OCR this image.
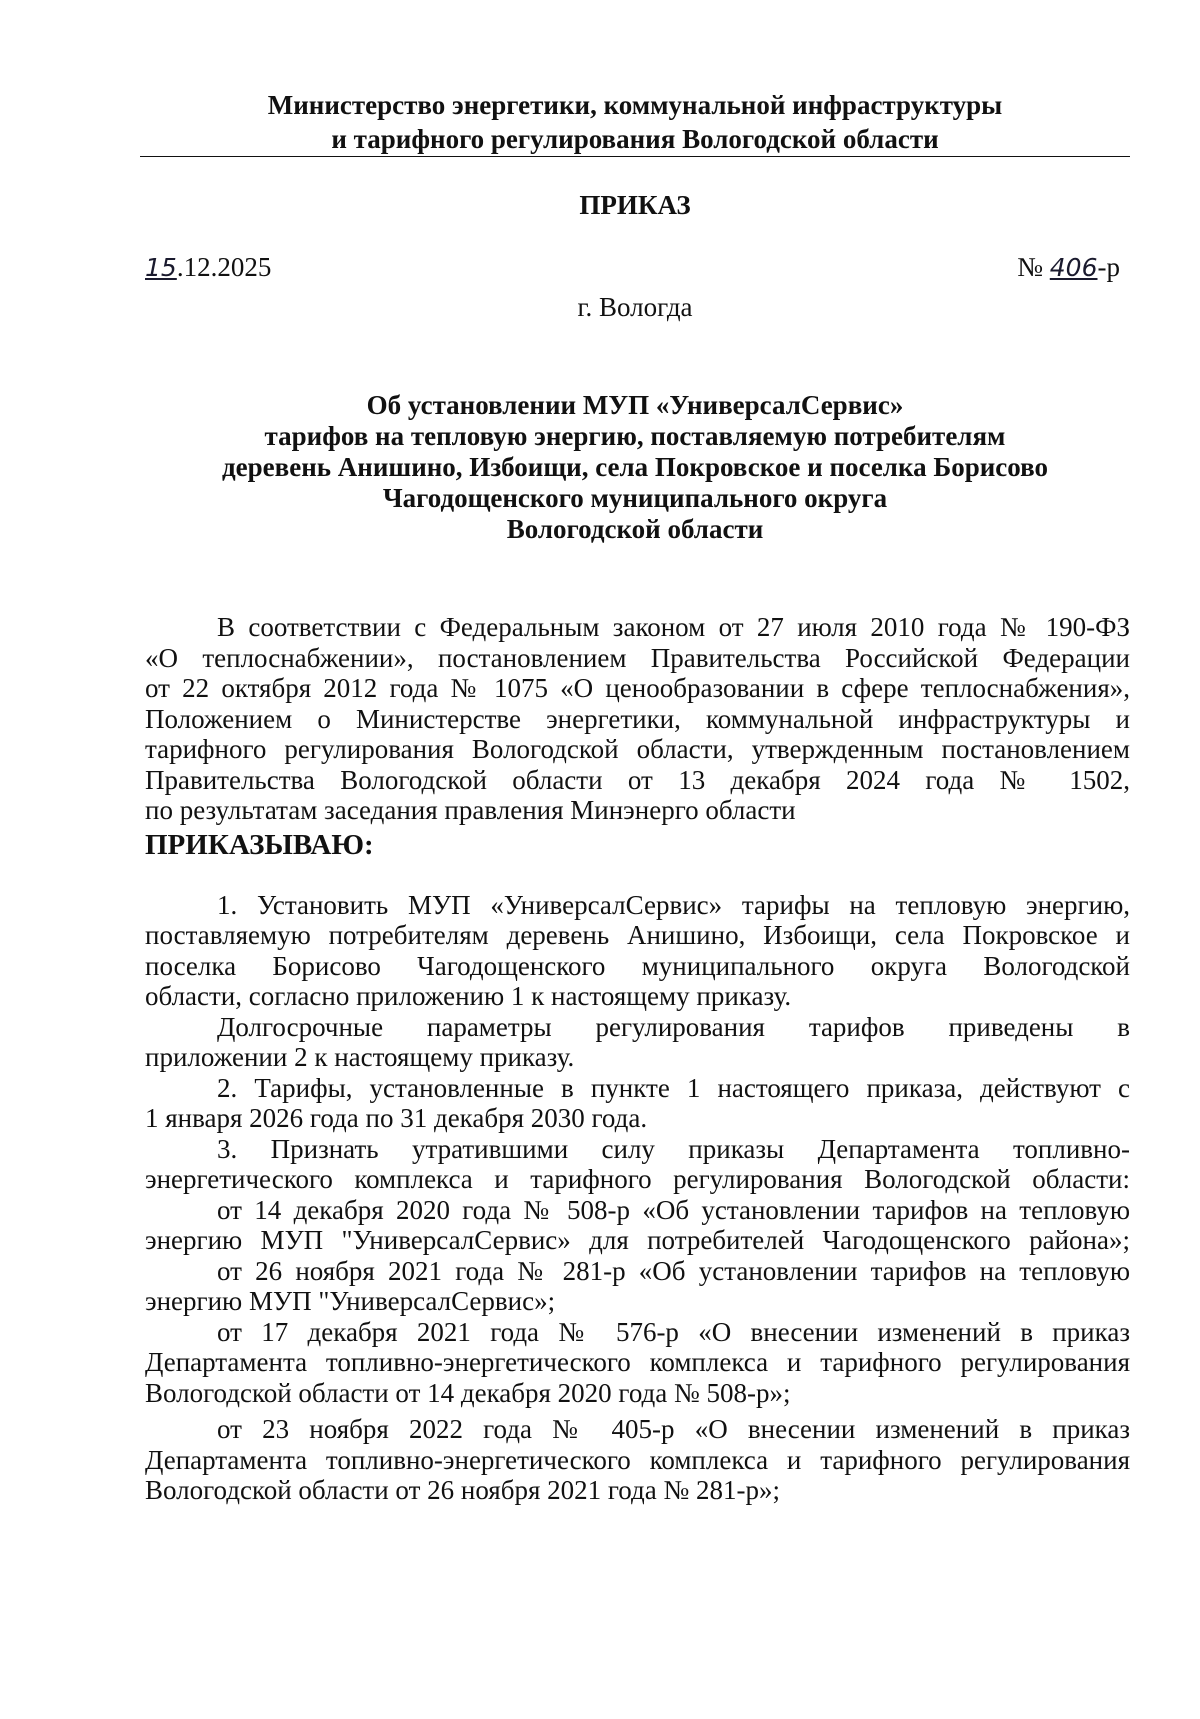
Министерство энергетики, коммунальной инфраструктуры
и тарифного регулирования Вологодской области
ПРИКАЗ
15.12.2025	№ 406-р
г. Вологда
Об установлении МУП «УниверсалСервис»
тарифов на тепловую энергию, поставляемую потребителям
деревень Анишино, Избоищи, села Покровское и поселка Борисово
Чагодощенского муниципального округа
Вологодской области
В соответствии с Федеральным законом от 27 июля 2010 года № 190-ФЗ
«О теплоснабжении», постановлением Правительства Российской Федерации
от 22 октября 2012 года № 1075 «О ценообразовании в сфере теплоснабжения»,
Положением о Министерстве энергетики, коммунальной инфраструктуры и
тарифного регулирования Вологодской области, утвержденным постановлением
Правительства Вологодской области от 13 декабря 2024 года № 1502,
по результатам заседания правления Минэнерго области
ПРИКАЗЫВАЮ:
1. Установить МУП «УниверсалСервис» тарифы на тепловую энергию,
поставляемую потребителям деревень Анишино, Избоищи, села Покровское и
поселка Борисово Чагодощенского муниципального округа Вологодской
области, согласно приложению 1 к настоящему приказу.
Долгосрочные параметры регулирования тарифов приведены в
приложении 2 к настоящему приказу.
2. Тарифы, установленные в пункте 1 настоящего приказа, действуют с
1 января 2026 года по 31 декабря 2030 года.
3. Признать утратившими силу приказы Департамента топливно-
энергетического комплекса и тарифного регулирования Вологодской области:
от 14 декабря 2020 года № 508-р «Об установлении тарифов на тепловую
энергию МУП "УниверсалСервис» для потребителей Чагодощенского района»;
от 26 ноября 2021 года № 281-р «Об установлении тарифов на тепловую
энергию МУП "УниверсалСервис»;
от 17 декабря 2021 года № 576-р «О внесении изменений в приказ
Департамента топливно-энергетического комплекса и тарифного регулирования
Вологодской области от 14 декабря 2020 года № 508-р»;
от 23 ноября 2022 года № 405-р «О внесении изменений в приказ
Департамента топливно-энергетического комплекса и тарифного регулирования
Вологодской области от 26 ноября 2021 года № 281-р»;
